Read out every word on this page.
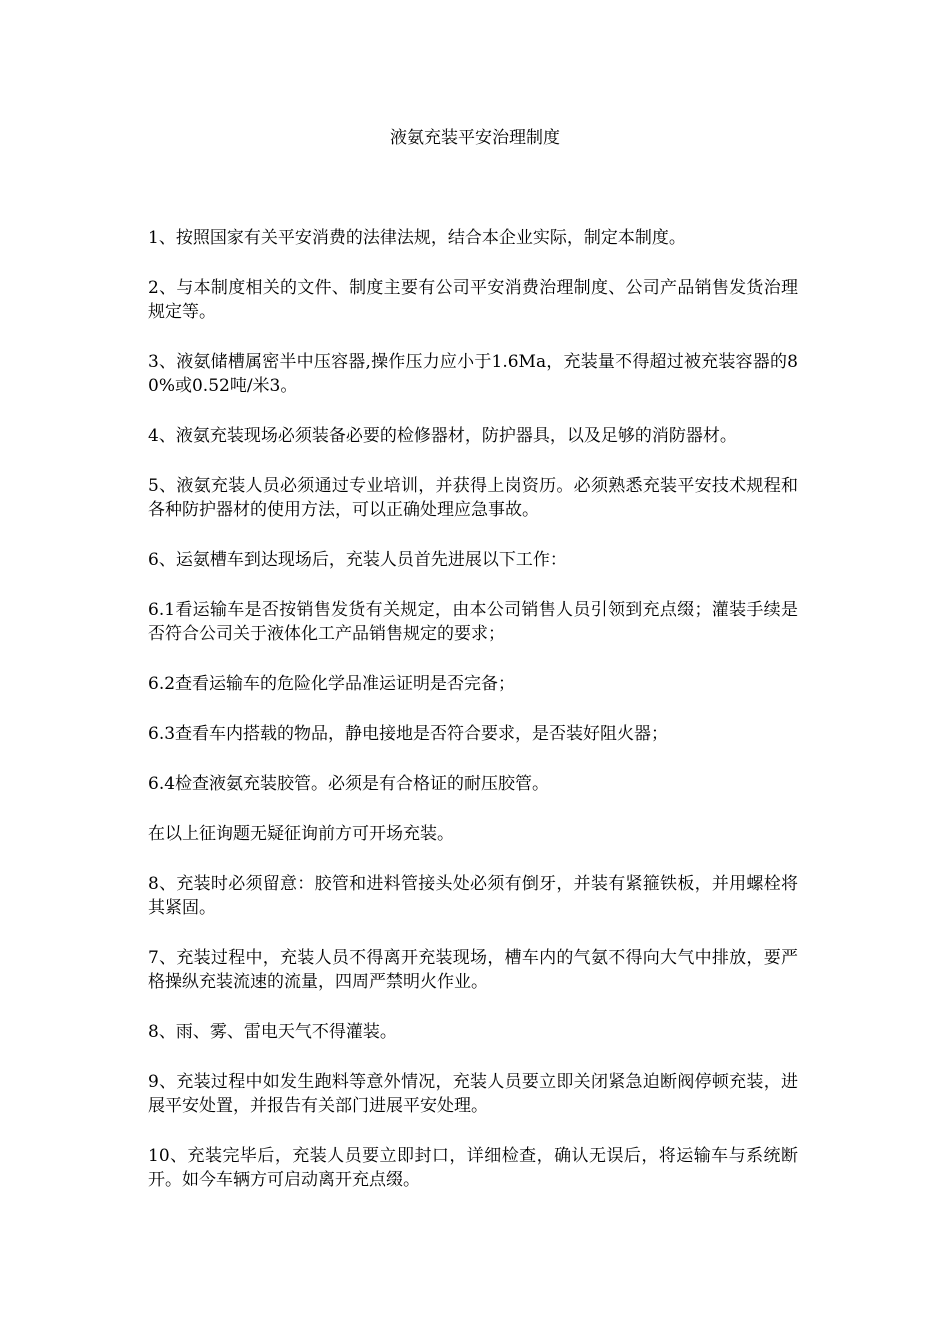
液氨充装平安治理制度

1、按照国家有关平安消费的法律法规，结合本企业实际，制定本制度。

2、与本制度相关的文件、制度主要有公司平安消费治理制度、公司产品销售发货治理规定等。

3、液氨储槽属密半中压容器,操作压力应小于1.6Ma，充装量不得超过被充装容器的80%或0.52吨/米3。

4、液氨充装现场必须装备必要的检修器材，防护器具，以及足够的消防器材。

5、液氨充装人员必须通过专业培训，并获得上岗资历。必须熟悉充装平安技术规程和各种防护器材的使用方法，可以正确处理应急事故。

6、运氨槽车到达现场后，充装人员首先进展以下工作：

6.1看运输车是否按销售发货有关规定，由本公司销售人员引领到充点缀；灌装手续是否符合公司关于液体化工产品销售规定的要求；

6.2查看运输车的危险化学品准运证明是否完备；

6.3查看车内搭载的物品，静电接地是否符合要求，是否装好阻火器；

6.4检查液氨充装胶管。必须是有合格证的耐压胶管。

在以上征询题无疑征询前方可开场充装。

8、充装时必须留意：胶管和进料管接头处必须有倒牙，并装有紧箍铁板，并用螺栓将其紧固。

7、充装过程中，充装人员不得离开充装现场，槽车内的气氨不得向大气中排放，要严格操纵充装流速的流量，四周严禁明火作业。

8、雨、雾、雷电天气不得灌装。

9、充装过程中如发生跑料等意外情况，充装人员要立即关闭紧急迫断阀停顿充装，进展平安处置，并报告有关部门进展平安处理。

10、充装完毕后，充装人员要立即封口，详细检查，确认无误后，将运输车与系统断开。如今车辆方可启动离开充点缀。
